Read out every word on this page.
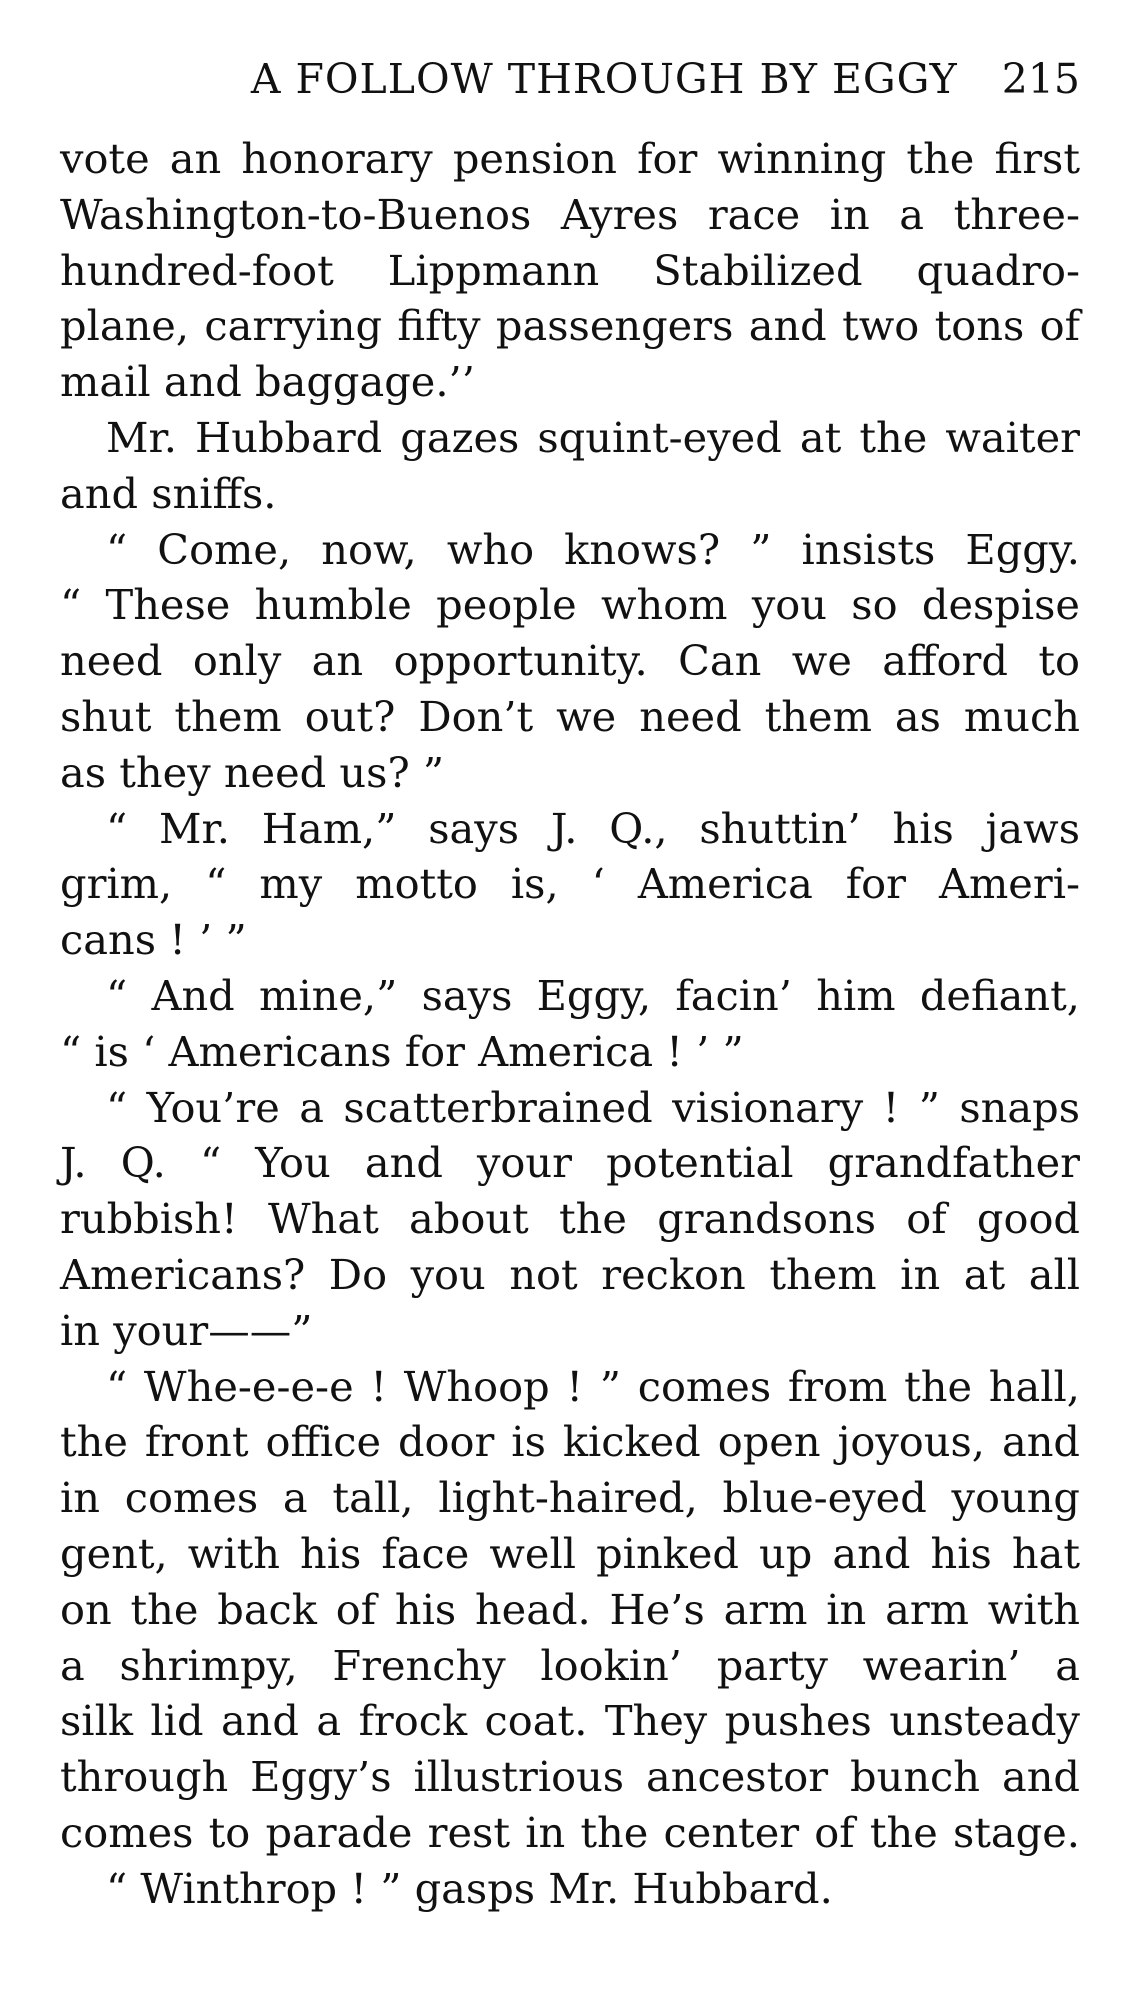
A FOLLOW THROUGH BY EGGY 215
vote an honorary pension for winning the first
Washington-to-Buenos Ayres race in a three-
hundred-foot Lippmann Stabilized quadro-
plane, carrying fifty passengers and two tons of
mail and baggage.’’
Mr. Hubbard gazes squint-eyed at the waiter
and sniffs.
“ Come, now, who knows? ” insists Eggy.
“ These humble people whom you so despise
need only an opportunity. Can we afford to
shut them out? Don’t we need them as much
as they need us? ”
“ Mr. Ham,” says J. Q., shuttin’ his jaws
grim, “ my motto is, ‘ America for Ameri-
cans ! ’ ”
“ And mine,” says Eggy, facin’ him defiant,
“ is ‘ Americans for America ! ’ ”
“ You’re a scatterbrained visionary ! ” snaps
J. Q. “ You and your potential grandfather
rubbish! What about the grandsons of good
Americans? Do you not reckon them in at all
in your——”
“ Whe-e-e-e ! Whoop ! ” comes from the hall,
the front office door is kicked open joyous, and
in comes a tall, light-haired, blue-eyed young
gent, with his face well pinked up and his hat
on the back of his head. He’s arm in arm with
a shrimpy, Frenchy lookin’ party wearin’ a
silk lid and a frock coat. They pushes unsteady
through Eggy’s illustrious ancestor bunch and
comes to parade rest in the center of the stage.
“ Winthrop ! ” gasps Mr. Hubbard.
